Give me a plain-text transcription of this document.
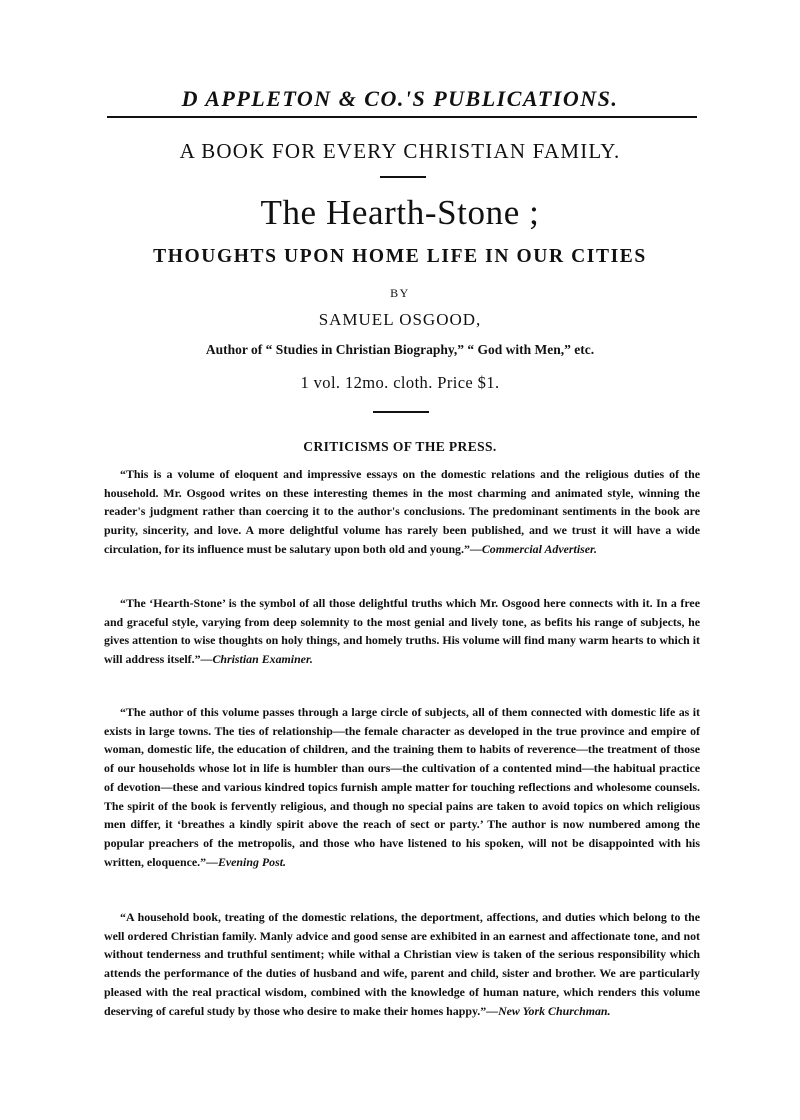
D APPLETON & CO.'S PUBLICATIONS.
A BOOK FOR EVERY CHRISTIAN FAMILY.
The Hearth-Stone ;
THOUGHTS UPON HOME LIFE IN OUR CITIES
BY
SAMUEL OSGOOD,
Author of “ Studies in Christian Biography,” “ God with Men,” etc.
1 vol. 12mo. cloth. Price $1.
CRITICISMS OF THE PRESS.

“This is a volume of eloquent and impressive essays on the domestic relations and the religious duties of the household. Mr. Osgood writes on these interesting themes in the most charming and animated style, winning the reader's judgment rather than coercing it to the author's conclusions. The predominant sentiments in the book are purity, sincerity, and love. A more delightful volume has rarely been published, and we trust it will have a wide circulation, for its influence must be salutary upon both old and young.”—Commercial Advertiser.

“The ‘Hearth-Stone’ is the symbol of all those delightful truths which Mr. Osgood here connects with it. In a free and graceful style, varying from deep solemnity to the most genial and lively tone, as befits his range of subjects, he gives attention to wise thoughts on holy things, and homely truths. His volume will find many warm hearts to which it will address itself.”—Christian Examiner.

“The author of this volume passes through a large circle of subjects, all of them connected with domestic life as it exists in large towns. The ties of relationship—the female character as developed in the true province and empire of woman, domestic life, the education of children, and the training them to habits of reverence—the treatment of those of our households whose lot in life is humbler than ours—the cultivation of a contented mind—the habitual practice of devotion—these and various kindred topics furnish ample matter for touching reflections and wholesome counsels. The spirit of the book is fervently religious, and though no special pains are taken to avoid topics on which religious men differ, it ‘breathes a kindly spirit above the reach of sect or party.’ The author is now numbered among the popular preachers of the metropolis, and those who have listened to his spoken, will not be disappointed with his written, eloquence.”—Evening Post.

“A household book, treating of the domestic relations, the deportment, affections, and duties which belong to the well ordered Christian family. Manly advice and good sense are exhibited in an earnest and affectionate tone, and not without tenderness and truthful sentiment; while withal a Christian view is taken of the serious responsibility which attends the performance of the duties of husband and wife, parent and child, sister and brother. We are particularly pleased with the real practical wisdom, combined with the knowledge of human nature, which renders this volume deserving of careful study by those who desire to make their homes happy.”—New York Churchman.
